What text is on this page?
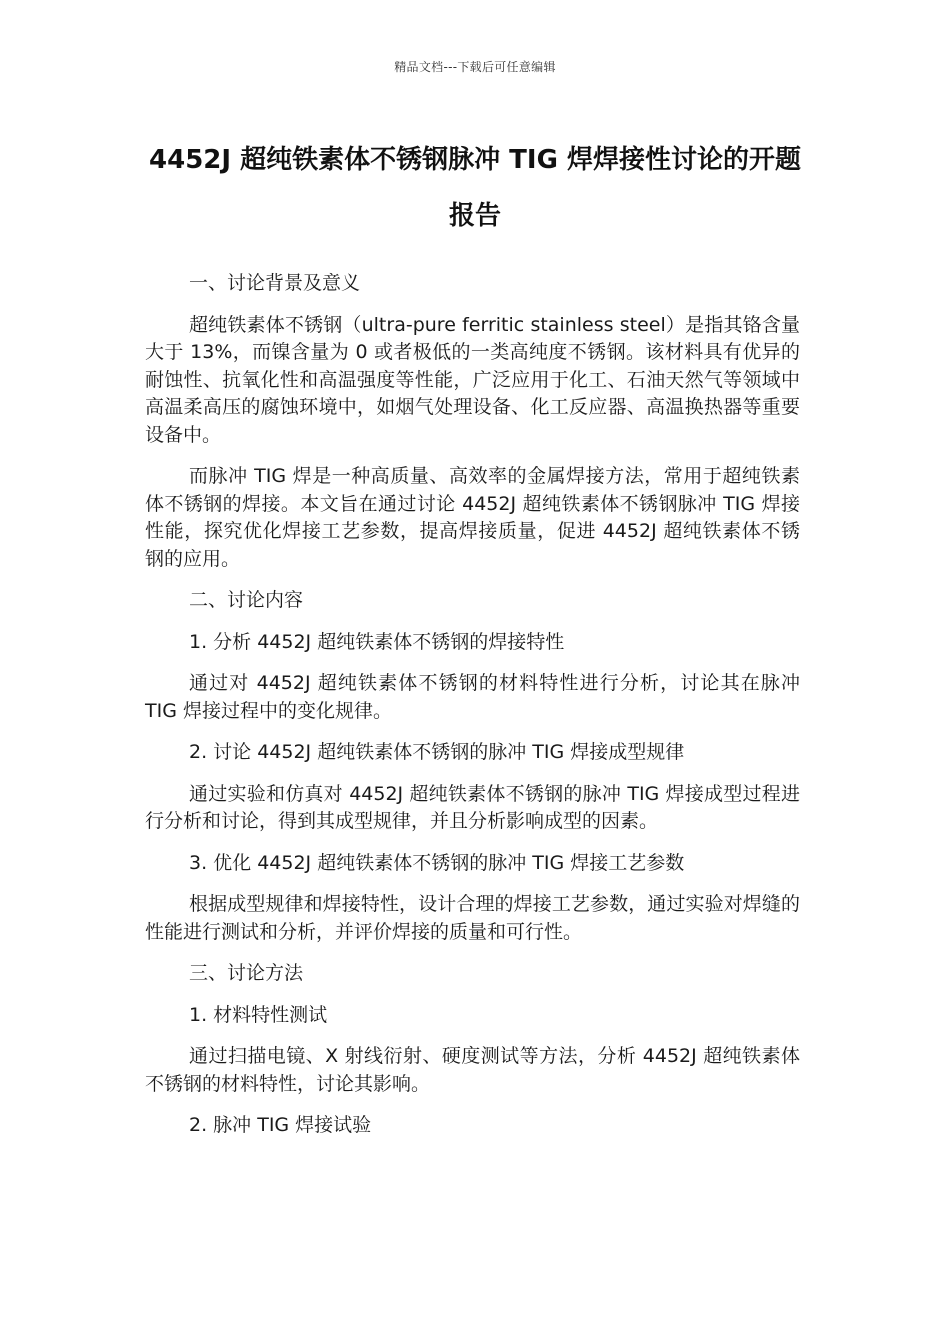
精品文档---下载后可任意编辑
4452J 超纯铁素体不锈钢脉冲 TIG 焊焊接性讨论的开题报告

一、讨论背景及意义

超纯铁素体不锈钢（ultra-pure ferritic stainless steel）是指其铬含量大于 13%，而镍含量为 0 或者极低的一类高纯度不锈钢。该材料具有优异的耐蚀性、抗氧化性和高温强度等性能，广泛应用于化工、石油天然气等领域中高温柔高压的腐蚀环境中，如烟气处理设备、化工反应器、高温换热器等重要设备中。

而脉冲 TIG 焊是一种高质量、高效率的金属焊接方法，常用于超纯铁素体不锈钢的焊接。本文旨在通过讨论 4452J 超纯铁素体不锈钢脉冲 TIG 焊接性能，探究优化焊接工艺参数，提高焊接质量，促进 4452J 超纯铁素体不锈钢的应用。

二、讨论内容

1. 分析 4452J 超纯铁素体不锈钢的焊接特性

通过对 4452J 超纯铁素体不锈钢的材料特性进行分析，讨论其在脉冲 TIG 焊接过程中的变化规律。

2. 讨论 4452J 超纯铁素体不锈钢的脉冲 TIG 焊接成型规律

通过实验和仿真对 4452J 超纯铁素体不锈钢的脉冲 TIG 焊接成型过程进行分析和讨论，得到其成型规律，并且分析影响成型的因素。

3. 优化 4452J 超纯铁素体不锈钢的脉冲 TIG 焊接工艺参数

根据成型规律和焊接特性，设计合理的焊接工艺参数，通过实验对焊缝的性能进行测试和分析，并评价焊接的质量和可行性。

三、讨论方法

1. 材料特性测试

通过扫描电镜、X 射线衍射、硬度测试等方法，分析 4452J 超纯铁素体不锈钢的材料特性，讨论其影响。

2. 脉冲 TIG 焊接试验
